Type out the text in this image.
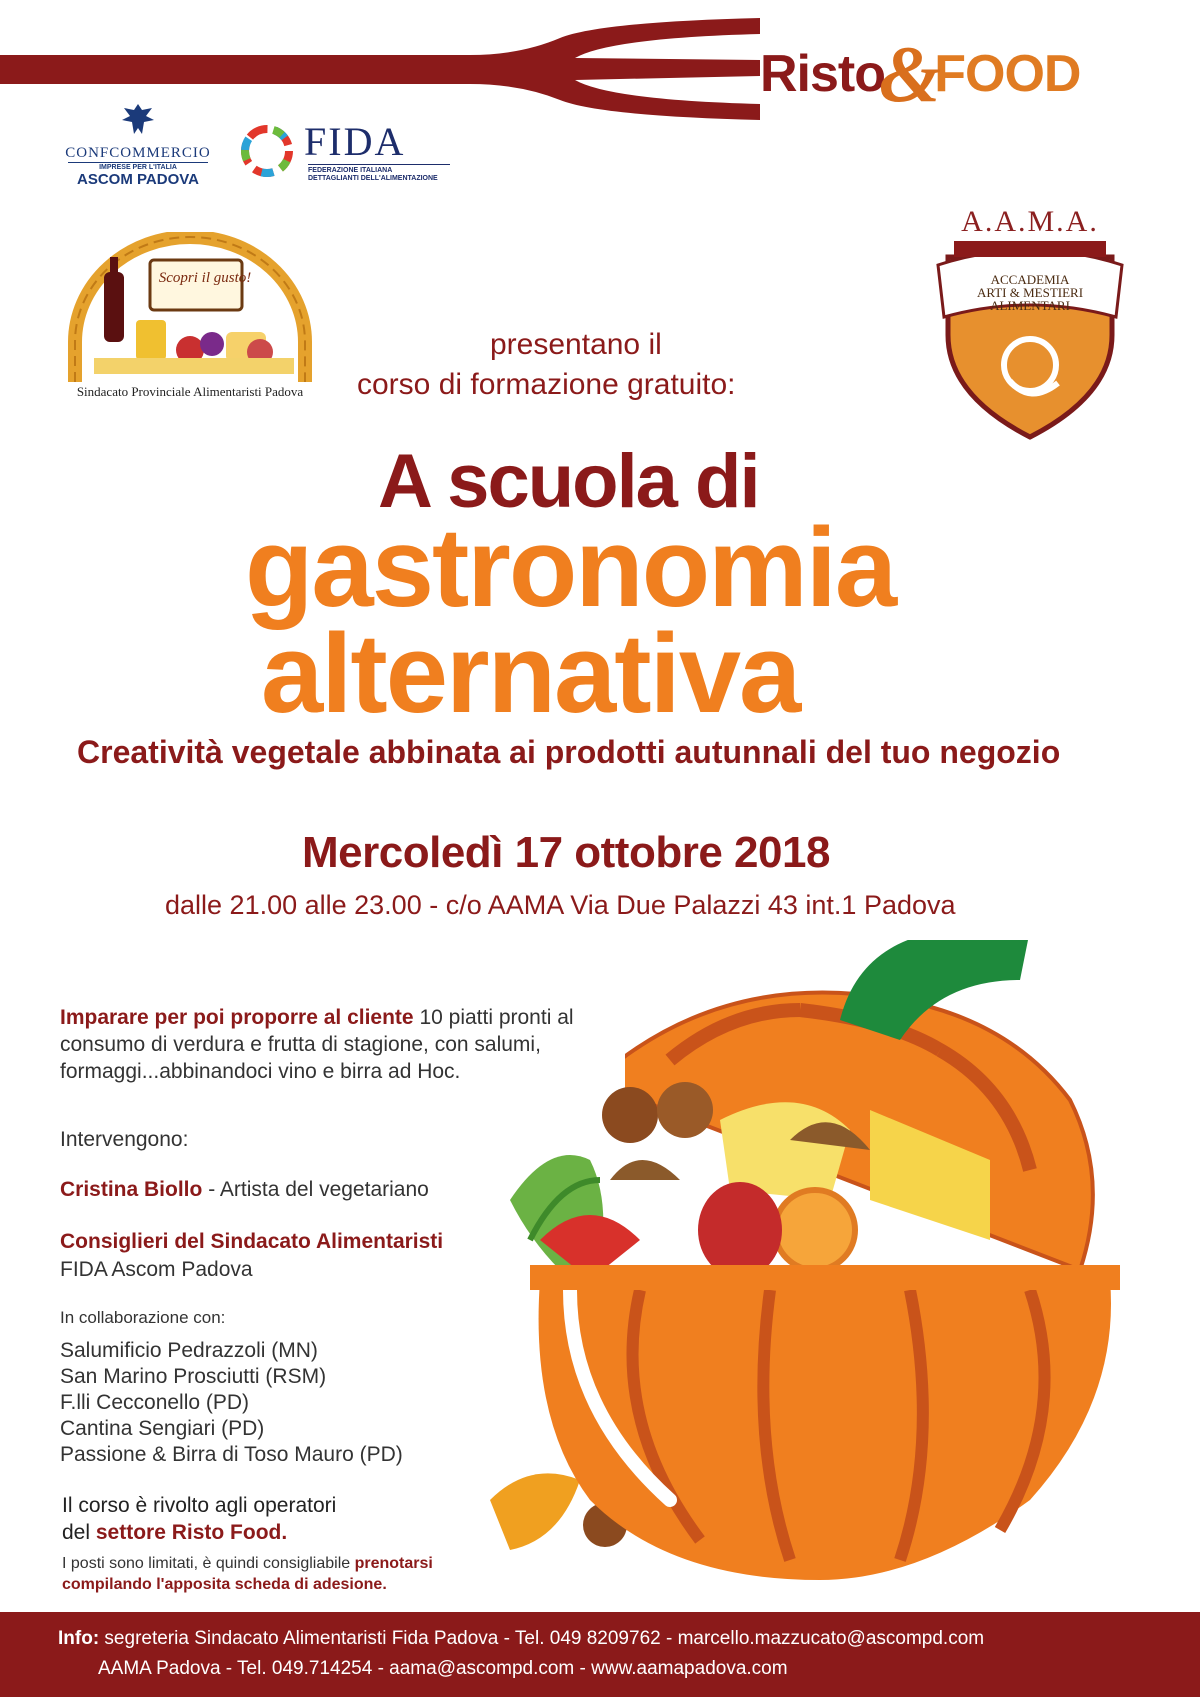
Risto&FOOD
CONFCOMMERCIO
IMPRESE PER L'ITALIA
ASCOM PADOVA
FIDA
FEDERAZIONE ITALIANA
DETTAGLIANTI DELL'ALIMENTAZIONE
Scopri il gusto!
Sindacato Provinciale Alimentaristi Padova
A.A.M.A.
ACCADEMIA
ARTI & MESTIERI
ALIMENTARI
presentano il
corso di formazione gratuito:
A scuola di
gastronomia
alternativa
Creatività vegetale abbinata ai prodotti autunnali del tuo negozio
Mercoledì 17 ottobre 2018
dalle 21.00 alle 23.00 - c/o AAMA Via Due Palazzi 43 int.1 Padova
Imparare per poi proporre al cliente 10 piatti pronti al consumo di verdura e frutta di stagione, con salumi, formaggi...abbinandoci vino e birra ad Hoc.
Intervengono:
Cristina Biollo - Artista del vegetariano
Consiglieri del Sindacato Alimentaristi
FIDA Ascom Padova
In collaborazione con:
Salumificio Pedrazzoli (MN)
San Marino Prosciutti (RSM)
F.lli Cecconello (PD)
Cantina Sengiari (PD)
Passione & Birra di Toso Mauro (PD)
Il corso è rivolto agli operatori
del settore Risto Food.
I posti sono limitati, è quindi consigliabile prenotarsi
compilando l'apposita scheda di adesione.
Info: segreteria Sindacato Alimentaristi Fida Padova - Tel. 049 8209762 - marcello.mazzucato@ascompd.com
AAMA Padova - Tel. 049.714254 - aama@ascompd.com - www.aamapadova.com
